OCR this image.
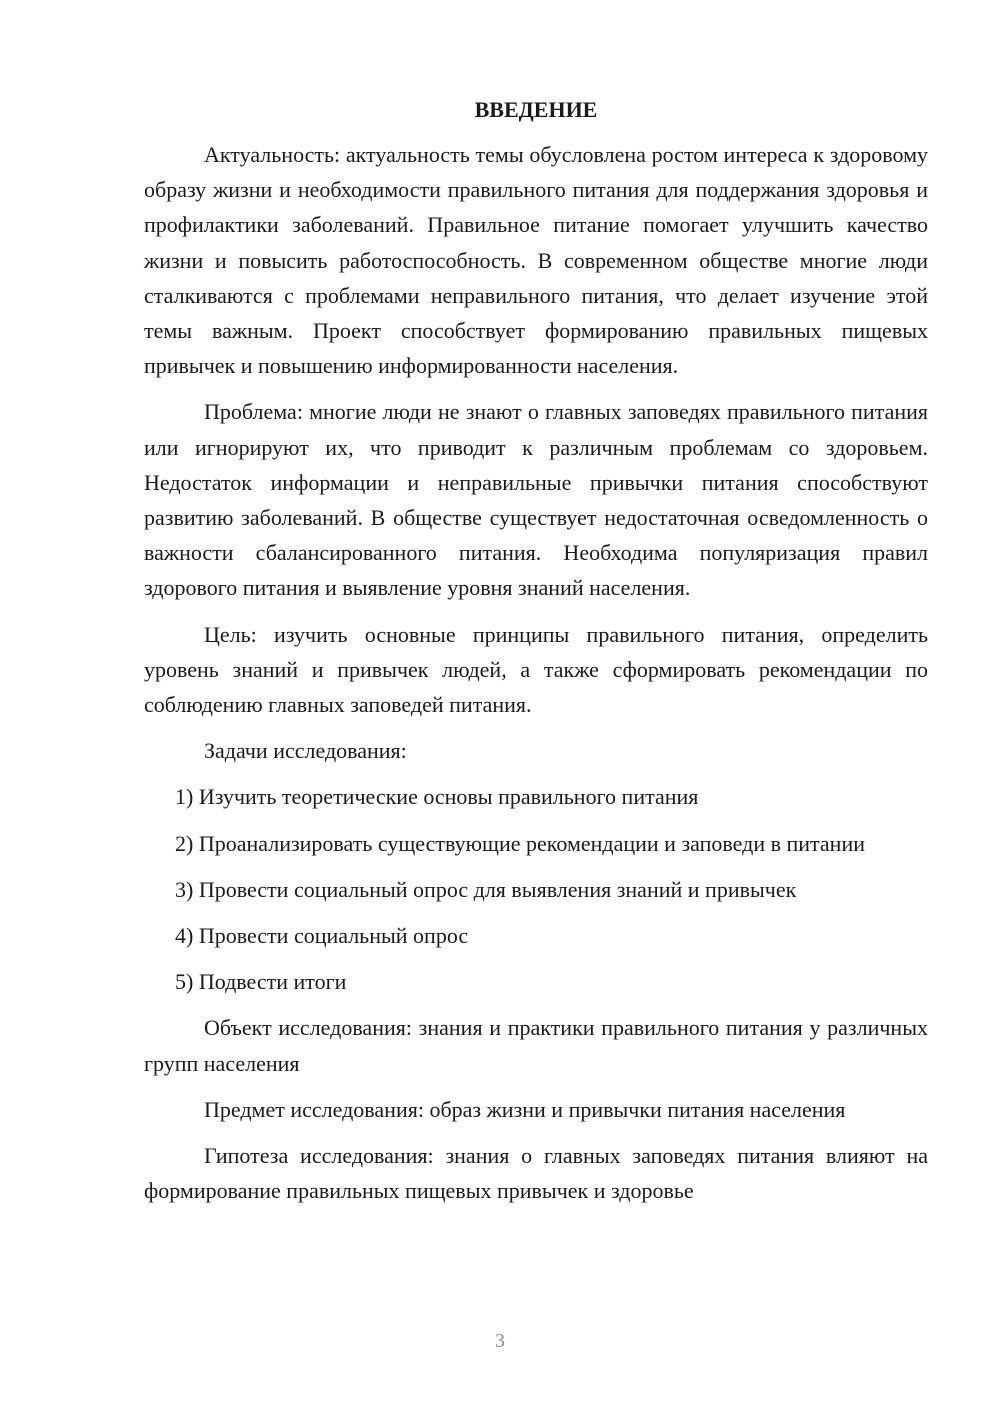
ВВЕДЕНИЕ

Актуальность: актуальность темы обусловлена ростом интереса к здоровому образу жизни и необходимости правильного питания для поддержания здоровья и профилактики заболеваний. Правильное питание помогает улучшить качество жизни и повысить работоспособность. В современном обществе многие люди сталкиваются с проблемами неправильного питания, что делает изучение этой темы важным. Проект способствует формированию правильных пищевых привычек и повышению информированности населения.

Проблема: многие люди не знают о главных заповедях правильного питания или игнорируют их, что приводит к различным проблемам со здоровьем. Недостаток информации и неправильные привычки питания способствуют развитию заболеваний. В обществе существует недостаточная осведомленность о важности сбалансированного питания. Необходима популяризация правил здорового питания и выявление уровня знаний населения.

Цель: изучить основные принципы правильного питания, определить уровень знаний и привычек людей, а также сформировать рекомендации по соблюдению главных заповедей питания.

Задачи исследования:

1) Изучить теоретические основы правильного питания

2) Проанализировать существующие рекомендации и заповеди в питании

3) Провести социальный опрос для выявления знаний и привычек

4) Провести социальный опрос

5) Подвести итоги

Объект исследования: знания и практики правильного питания у различных групп населения

Предмет исследования: образ жизни и привычки питания населения

Гипотеза исследования: знания о главных заповедях питания влияют на формирование правильных пищевых привычек и здоровье

3
